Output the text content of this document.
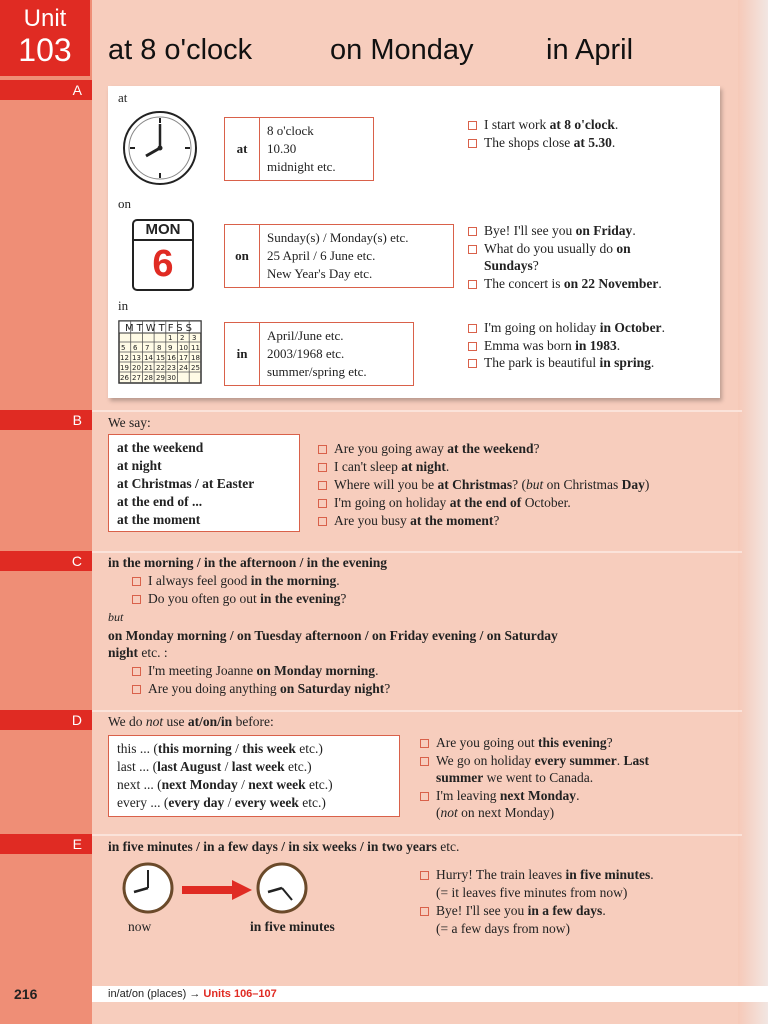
Unit
103	at 8 o'clock	on Monday	in April
A
B
C
D
E
at
at
8 o'clock
10.30
midnight etc.
I start work at 8 o'clock.
The shops close at 5.30.
on
MON
6	on
Sunday(s) / Monday(s) etc.
25 April / 6 June etc.
New Year's Day etc.
Bye! I'll see you on Friday.
What do you usually do on
Sundays?
The concert is on 22 November.
in
MTWTFSS
1 2 3
5 6 7 8 9 10 11
12 13 14 15 16 17 18
19 20 21 22 23 24 25
26 27 28 29 30
in
April/June etc.
2003/1968 etc.
summer/spring etc.
I'm going on holiday in October.
Emma was born in 1983.
The park is beautiful in spring.
We say:
at the weekend
at night
at Christmas / at Easter
at the end of ...
at the moment
Are you going away at the weekend?
I can't sleep at night.
Where will you be at Christmas? (but on Christmas Day)
I'm going on holiday at the end of October.
Are you busy at the moment?
in the morning / in the afternoon / in the evening
I always feel good in the morning.
Do you often go out in the evening?
but
on Monday morning / on Tuesday afternoon / on Friday evening / on Saturday
night etc. :
I'm meeting Joanne on Monday morning.
Are you doing anything on Saturday night?
We do not use at/on/in before:
this ... (this morning / this week etc.)
last ... (last August / last week etc.)
next ... (next Monday / next week etc.)
every ... (every day / every week etc.)
Are you going out this evening?
We go on holiday every summer. Last
summer we went to Canada.
I'm leaving next Monday.
(not on next Monday)
in five minutes / in a few days / in six weeks / in two years etc.
now	in five minutes
Hurry! The train leaves in five minutes.
(= it leaves five minutes from now)
Bye! I'll see you in a few days.
(= a few days from now)
216	in/at/on (places) → Units 106–107
